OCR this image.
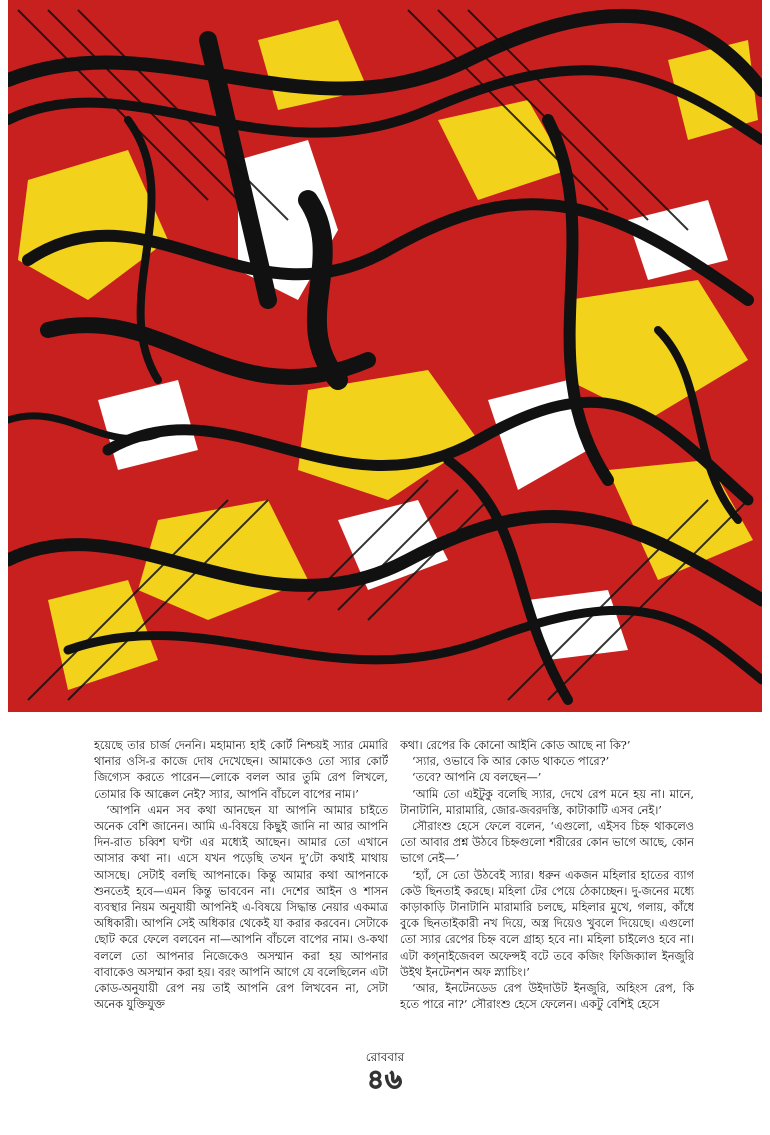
হয়েছে তার চার্জ দেননি। মহামান্য হাই কোর্ট নিশ্চয়ই স্যার মেমারি থানার ওসি-র কাজে দোষ দেখেছেন। আমাকেও তো স্যার কোর্ট জিগ্যেস করতে পারেন—লোকে বলল আর তুমি রেপ লিখলে, তোমার কি আক্কেল নেই? স্যার, আপনি বাঁচলে বাপের নাম।’

‘আপনি এমন সব কথা আনছেন যা আপনি আমার চাইতে অনেক বেশি জানেন। আমি এ-বিষয়ে কিছুই জানি না আর আপনি দিন-রাত চব্বিশ ঘণ্টা এর মধ্যেই আছেন। আমার তো এখানে আসার কথা না। এসে যখন পড়েছি তখন দু’টো কথাই মাথায় আসছে। সেটাই বলছি আপনাকে। কিন্তু আমার কথা আপনাকে শুনতেই হবে—এমন কিন্তু ভাববেন না। দেশের আইন ও শাসন ব্যবস্থার নিয়ম অনুযায়ী আপনিই এ-বিষয়ে সিদ্ধান্ত নেয়ার একমাত্র অধিকারী। আপনি সেই অধিকার থেকেই যা করার করবেন। সেটাকে ছোট করে ফেলে বলবেন না—আপনি বাঁচলে বাপের নাম। ও-কথা বললে তো আপনার নিজেকেও অসম্মান করা হয় আপনার বাবাকেও অসম্মান করা হয়। বরং আপনি আগে যে বলেছিলেন এটা কোড-অনুযায়ী রেপ নয় তাই আপনি রেপ লিখবেন না, সেটা অনেক যুক্তিযুক্ত

কথা। রেপের কি কোনো আইনি কোড আছে না কি?’

‘স্যার, ওভাবে কি আর কোড থাকতে পারে?’

‘তবে? আপনি যে বলছেন—’

‘আমি তো এইটুকু বলেছি স্যার, দেখে রেপ মনে হয় না। মানে, টানাটানি, মারামারি, জোর-জবরদস্তি, কাটাকাটি এসব নেই।’

সৌরাংশু হেসে ফেলে বলেন, ‘এগুলো, এইসব চিহ্ন থাকলেও তো আবার প্রশ্ন উঠবে চিহ্নগুলো শরীরের কোন ভাগে আছে, কোন ভাগে নেই—’

‘হ্যাঁ, সে তো উঠবেই স্যার। ধরুন একজন মহিলার হাতের ব্যাগ কেউ ছিনতাই করছে। মহিলা টের পেয়ে ঠেকাচ্ছেন। দু-জনের মধ্যে কাড়াকাড়ি টানাটানি মারামারি চলছে, মহিলার মুখে, গলায়, কাঁধে বুকে ছিনতাইকারী নখ দিয়ে, অস্ত্র দিয়েও খুবলে দিয়েছে। এগুলো তো স্যার রেপের চিহ্ন বলে গ্রাহ্য হবে না। মহিলা চাইলেও হবে না। এটা কগ্‌নাইজেবল অফেন্সই বটে তবে কজিং ফিজিক্যাল ইনজুরি উইথ ইনটেনশন অফ স্ন্যাচিং।’

‘আর, ইনটেনডেড রেপ উইদাউট ইনজুরি, অহিংস রেপ, কি হতে পারে না?’ সৌরাংশু হেসে ফেলেন। একটু বেশিই হেসে

রোববার
৪৬
